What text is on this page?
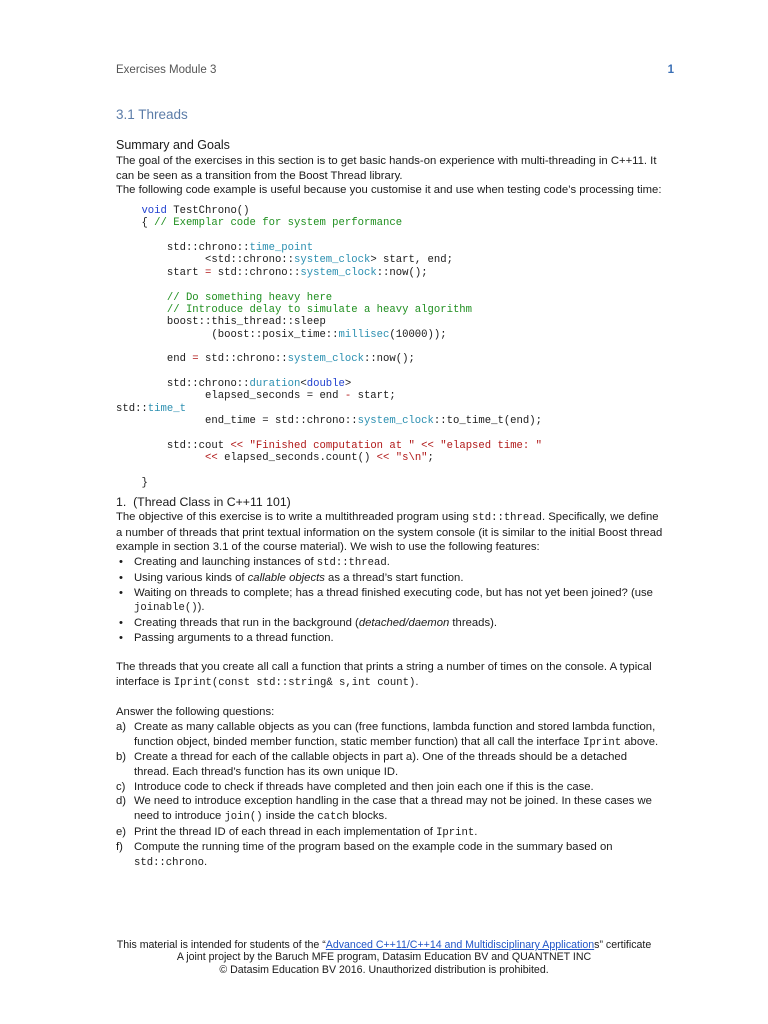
Exercises Module 3	1
3.1 Threads

Summary and Goals

The goal of the exercises in this section is to get basic hands-on experience with multi-threading in C++11. It can be seen as a transition from the Boost Thread library.

The following code example is useful because you customise it and use when testing code’s processing time:

void TestChrono()
{ // Exemplar code for system performance

std::chrono::time_point
<std::chrono::system_clock> start, end;
start = std::chrono::system_clock::now();

// Do something heavy here
// Introduce delay to simulate a heavy algorithm
boost::this_thread::sleep
(boost::posix_time::millisec(10000));

end = std::chrono::system_clock::now();

std::chrono::duration<double>
elapsed_seconds = end - start;
std::time_t
end_time = std::chrono::system_clock::to_time_t(end);

std::cout << "Finished computation at " << "elapsed time: "
<< elapsed_seconds.count() << "s\n";

}

1.  (Thread Class in C++11 101)

The objective of this exercise is to write a multithreaded program using std::thread. Specifically, we define a number of threads that print textual information on the system console (it is similar to the initial Boost thread example in section 3.1 of the course material). We wish to use the following features:

• Creating and launching instances of std::thread.
• Using various kinds of callable objects as a thread’s start function.
• Waiting on threads to complete; has a thread finished executing code, but has not yet been joined? (use joinable()).
• Creating threads that run in the background (detached/daemon threads).
• Passing arguments to a thread function.

The threads that you create all call a function that prints a string a number of times on the console. A typical interface is Iprint(const std::string& s,int count).

Answer the following questions:

a) Create as many callable objects as you can (free functions, lambda function and stored lambda function, function object, binded member function, static member function) that all call the interface Iprint above.
b) Create a thread for each of the callable objects in part a). One of the threads should be a detached thread. Each thread’s function has its own unique ID.
c) Introduce code to check if threads have completed and then join each one if this is the case.
d) We need to introduce exception handling in the case that a thread may not be joined. In these cases we need to introduce join() inside the catch blocks.
e) Print the thread ID of each thread in each implementation of Iprint.
f) Compute the running time of the program based on the example code in the summary based on std::chrono.
This material is intended for students of the “Advanced C++11/C++14 and Multidisciplinary Applications” certificate
A joint project by the Baruch MFE program, Datasim Education BV and QUANTNET INC
© Datasim Education BV 2016. Unauthorized distribution is prohibited.
